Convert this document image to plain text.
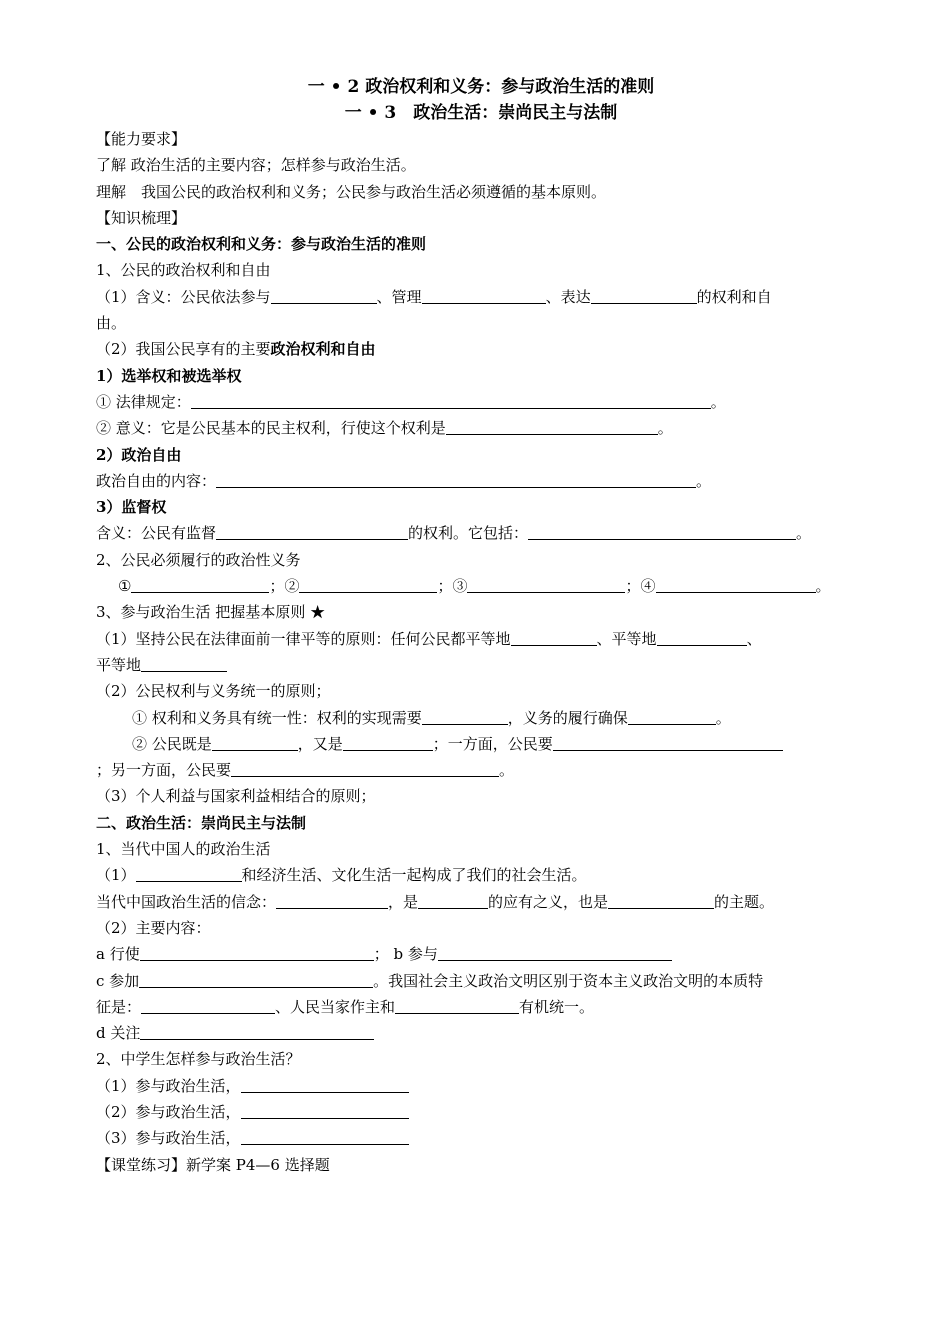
一 • 2 政治权利和义务：参与政治生活的准则
一 • 3　政治生活：崇尚民主与法制
【能力要求】
了解 政治生活的主要内容；怎样参与政治生活。
理解　我国公民的政治权利和义务；公民参与政治生活必须遵循的基本原则。
【知识梳理】
一、公民的政治权利和义务：参与政治生活的准则
1、公民的政治权利和自由
（1）含义：公民依法参与	、管理	、表达	的权利和自
由。
（2）我国公民享有的主要政治权利和自由
1）选举权和被选举权
① 法律规定：	。
② 意义：它是公民基本的民主权利，行使这个权利是	。
2）政治自由
政治自由的内容：	。
3）监督权
含义：公民有监督	的权利。它包括：	。
2、公民必须履行的政治性义务
①	；②	；③	；④	。
3、参与政治生活 把握基本原则 ★
（1）坚持公民在法律面前一律平等的原则：任何公民都平等地	、平等地	、
平等地
（2）公民权利与义务统一的原则；
① 权利和义务具有统一性：权利的实现需要	，义务的履行确保	。
② 公民既是	，又是	；一方面，公民要
；另一方面，公民要	。
（3）个人利益与国家利益相结合的原则；
二、政治生活：崇尚民主与法制
1、当代中国人的政治生活
（1）	和经济生活、文化生活一起构成了我们的社会生活。
当代中国政治生活的信念：	，是	的应有之义，也是	的主题。
（2）主要内容：
a 行使	； b 参与
c 参加	。我国社会主义政治文明区别于资本主义政治文明的本质特
征是：	、人民当家作主和	有机统一。
d 关注
2、中学生怎样参与政治生活？
（1）参与政治生活，
（2）参与政治生活，
（3）参与政治生活，
【课堂练习】新学案 P4—6 选择题
